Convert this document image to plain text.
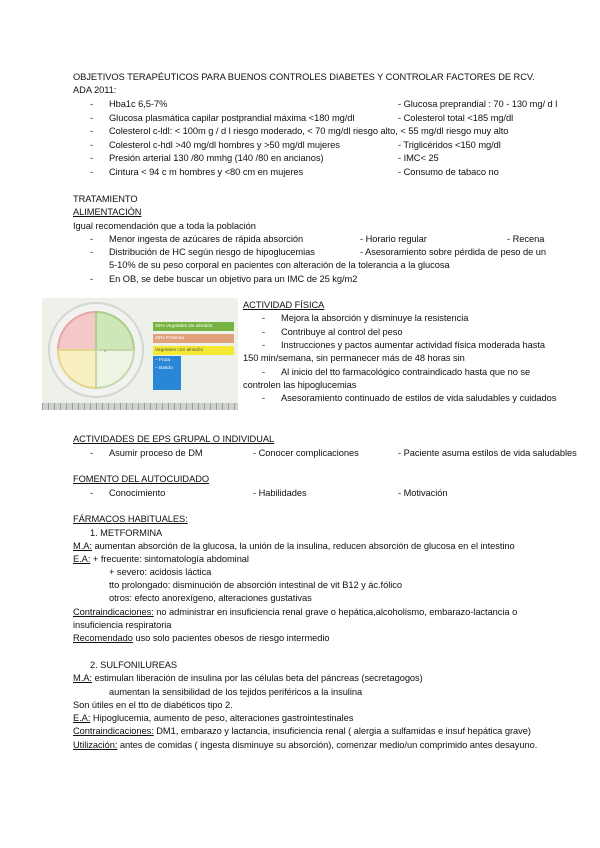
OBJETIVOS TERAPÉUTICOS PARA BUENOS CONTROLES DIABETES Y CONTROLAR FACTORES DE RCV.
ADA 2011:
- Hba1c 6,5-7%	- Glucosa preprandial : 70 - 130 mg/ d l
- Glucosa plasmática capilar postprandial máxima <180 mg/dl	- Colesterol total <185 mg/dl
- Colesterol c-ldl: < 100m g / d l riesgo moderado, < 70 mg/dl riesgo alto, < 55 mg/dl riesgo muy alto
- Colesterol c-hdl >40 mg/dl hombres y >50 mg/dl mujeres	- Triglicéridos <150 mg/dl
- Presión arterial 130 /80 mmhg (140 /80 en ancianos)	- IMC< 25
- Cintura < 94 c m hombres y <80 cm en mujeres	- Consumo de tabaco no
TRATAMIENTO
ALIMENTACIÓN
Igual recomendación que a toda la población
- Menor ingesta de azúcares de rápida absorción	- Horario regular	- Recena
- Distribución de HC según riesgo de hipoglucemias	- Asesoramiento sobre pérdida de peso de un
5-10% de su peso corporal en pacientes con alteración de la tolerancia a la glucosa
- En OB, se debe buscar un objetivo para un IMC de 25 kg/m2
*
30% Vegetales sin almidón
25% Proteína
Vegetales con almidón
– Fruta
– Batido
ACTIVIDAD FÍSICA
- Mejora la absorción y disminuye la resistencia
- Contribuye al control del peso
- Instrucciones y pactos aumentar actividad física moderada hasta
150 min/semana, sin permanecer más de 48 horas sin
- Al inicio del tto farmacológico contraindicado hasta que no se
controlen las hipoglucemias
- Asesoramiento continuado de estilos de vida saludables y cuidados
ACTIVIDADES DE EPS GRUPAL O INDIVIDUAL
- Asumir proceso de DM	- Conocer complicaciones	- Paciente asuma estilos de vida saludables
FOMENTO DEL AUTOCUIDADO
- Conocimiento	- Habilidades	- Motivación
FÁRMACOS HABITUALES:
1. METFORMINA
M.A: aumentan absorción de la glucosa, la unión de la insulina, reducen absorción de glucosa en el intestino
E.A: + frecuente: sintomatología abdominal
+ severo: acidosis láctica
tto prolongado: disminución de absorción intestinal de vit B12 y ác.fólico
otros: efecto anorexígeno, alteraciones gustativas
Contraindicaciones: no administrar en insuficiencia renal grave o hepática,alcoholismo, embarazo-lactancia o
insuficiencia respiratoria
Recomendado uso solo pacientes obesos de riesgo intermedio
2. SULFONILUREAS
M.A: estimulan liberación de insulina por las células beta del páncreas (secretagogos)
aumentan la sensibilidad de los tejidos periféricos a la insulina
Son útiles en el tto de diabéticos tipo 2.
E.A: Hipoglucemia, aumento de peso, alteraciones gastrointestinales
Contraindicaciones: DM1, embarazo y lactancia, insuficiencia renal ( alergia a sulfamidas e insuf hepática grave)
Utilización: antes de comidas ( ingesta disminuye su absorción), comenzar medio/un comprimido antes desayuno.
